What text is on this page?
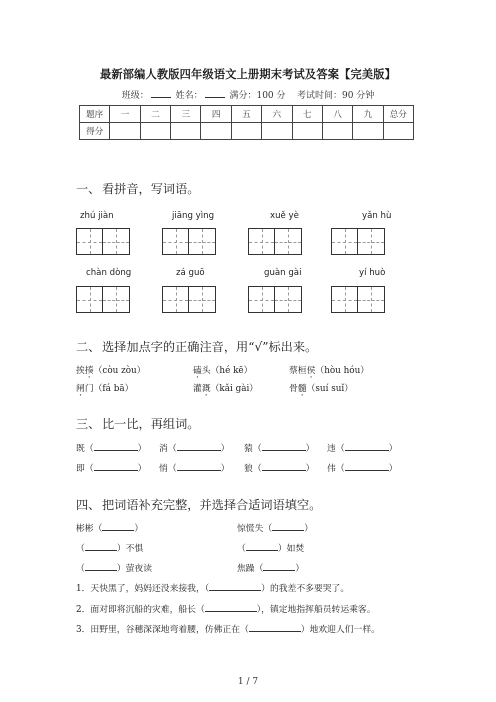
最新部编人教版四年级语文上册期末考试及答案【完美版】
班级：	姓名：	满分：100 分 考试时间：90 分钟
题序	一	二	三	四	五	六	七	八	九	总分
得分										
一、 看拼音，写词语。
zhú jiàn	jiāng yìng	xuě yè	yǎn hù
chàn dòng	zá guō	guàn gài	yí huò
二、 选择加点字的正确注音，用“√”标出来。
挨揍（còu zòu）	磕头（hé kē）	蔡桓侯（hòu hóu）
闸门（fá bā）	灌溉（kǎi gài）	骨髓（suí suǐ）
三、 比一比，再组词。
既（	） 消（	） 猿（	） 违（	）
即（	） 悄（	） 狼（	） 伟（	）
四、 把词语补充完整，并选择合适词语填空。
彬彬（	）	惊慌失（	）
（	）不惧	（	）如焚
（	）萤夜读	焦躁（	）
1．天快黑了，妈妈还没来接我，（	）的我差不多要哭了。
2．面对即将沉船的灾难，船长（	），镇定地指挥船员转运乘客。
3．田野里，谷穗深深地弯着腰，仿佛正在（	）地欢迎人们一样。
1 / 7
